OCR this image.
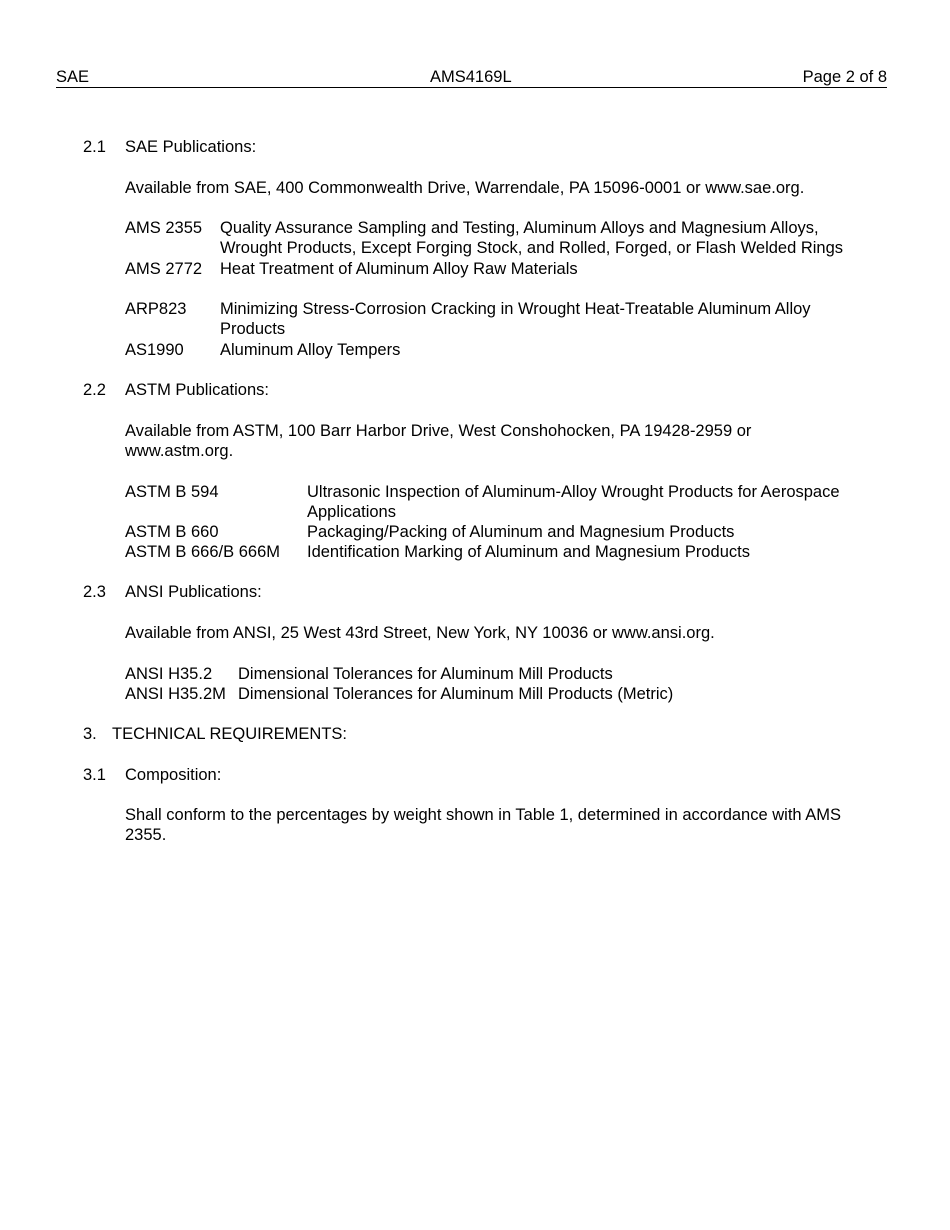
SAE	AMS4169L	Page 2 of 8
2.1 SAE Publications:
Available from SAE, 400 Commonwealth Drive, Warrendale, PA 15096-0001 or www.sae.org.
AMS 2355 Quality Assurance Sampling and Testing, Aluminum Alloys and Magnesium Alloys, Wrought Products, Except Forging Stock, and Rolled, Forged, or Flash Welded Rings
AMS 2772 Heat Treatment of Aluminum Alloy Raw Materials
ARP823 Minimizing Stress-Corrosion Cracking in Wrought Heat-Treatable Aluminum Alloy Products
AS1990 Aluminum Alloy Tempers
2.2 ASTM Publications:
Available from ASTM, 100 Barr Harbor Drive, West Conshohocken, PA 19428-2959 or www.astm.org.
ASTM B 594	Ultrasonic Inspection of Aluminum-Alloy Wrought Products for Aerospace Applications
ASTM B 660	Packaging/Packing of Aluminum and Magnesium Products
ASTM B 666/B 666M Identification Marking of Aluminum and Magnesium Products
2.3 ANSI Publications:
Available from ANSI, 25 West 43rd Street, New York, NY 10036 or www.ansi.org.
ANSI H35.2 Dimensional Tolerances for Aluminum Mill Products
ANSI H35.2M Dimensional Tolerances for Aluminum Mill Products (Metric)
3. TECHNICAL REQUIREMENTS:
3.1 Composition:
Shall conform to the percentages by weight shown in Table 1, determined in accordance with AMS 2355.
